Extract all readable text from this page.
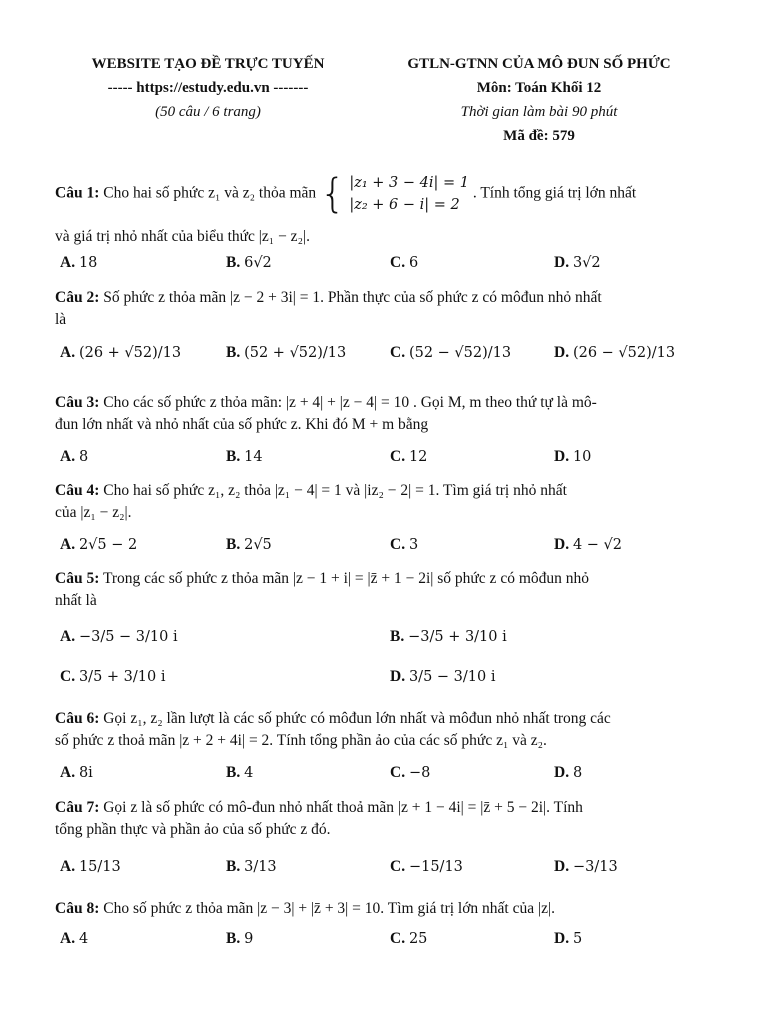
WEBSITE TẠO ĐỀ TRỰC TUYẾN
----- https://estudy.edu.vn -------
(50 câu / 6 trang)
GTLN-GTNN CỦA MÔ ĐUN SỐ PHỨC
Môn: Toán Khối 12
Thời gian làm bài 90 phút
Mã đề: 579
Câu 1: Cho hai số phức z₁ và z₂ thỏa mãn { |z₁ + 3 − 4i| = 1
|z₂ + 6 − i| = 2
. Tính tổng giá trị lớn nhất
và giá trị nhỏ nhất của biểu thức |z₁ − z₂|.
A. 18	B. 6√2	C. 6	D. 3√2
Câu 2: Số phức z thỏa mãn |z − 2 + 3i| = 1. Phần thực của số phức z có môđun nhỏ nhất
là
A. (26 + √52)/13	B. (52 + √52)/13	C. (52 − √52)/13	D. (26 − √52)/13
Câu 3: Cho các số phức z thỏa mãn: |z + 4| + |z − 4| = 10 . Gọi M, m theo thứ tự là mô-
đun lớn nhất và nhỏ nhất của số phức z. Khi đó M + m bằng
A. 8	B. 14	C. 12	D. 10
Câu 4: Cho hai số phức z₁, z₂ thỏa |z₁ − 4| = 1 và |iz₂ − 2| = 1. Tìm giá trị nhỏ nhất
của |z₁ − z₂|.
A. 2√5 − 2	B. 2√5	C. 3	D. 4 − √2
Câu 5: Trong các số phức z thỏa mãn |z − 1 + i| = |z̄ + 1 − 2i| số phức z có môđun nhỏ
nhất là
A. −3/5 − 3/10 i	B. −3/5 + 3/10 i
C. 3/5 + 3/10 i	D. 3/5 − 3/10 i
Câu 6: Gọi z₁, z₂ lần lượt là các số phức có môđun lớn nhất và môđun nhỏ nhất trong các
số phức z thoả mãn |z + 2 + 4i| = 2. Tính tổng phần ảo của các số phức z₁ và z₂.
A. 8i	B. 4	C. −8	D. 8
Câu 7: Gọi z là số phức có mô-đun nhỏ nhất thoả mãn |z + 1 − 4i| = |z̄ + 5 − 2i|. Tính
tổng phần thực và phần ảo của số phức z đó.
A. 15/13	B. 3/13	C. −15/13	D. −3/13
Câu 8: Cho số phức z thỏa mãn |z − 3| + |z̄ + 3| = 10. Tìm giá trị lớn nhất của |z|.
A. 4	B. 9	C. 25	D. 5
